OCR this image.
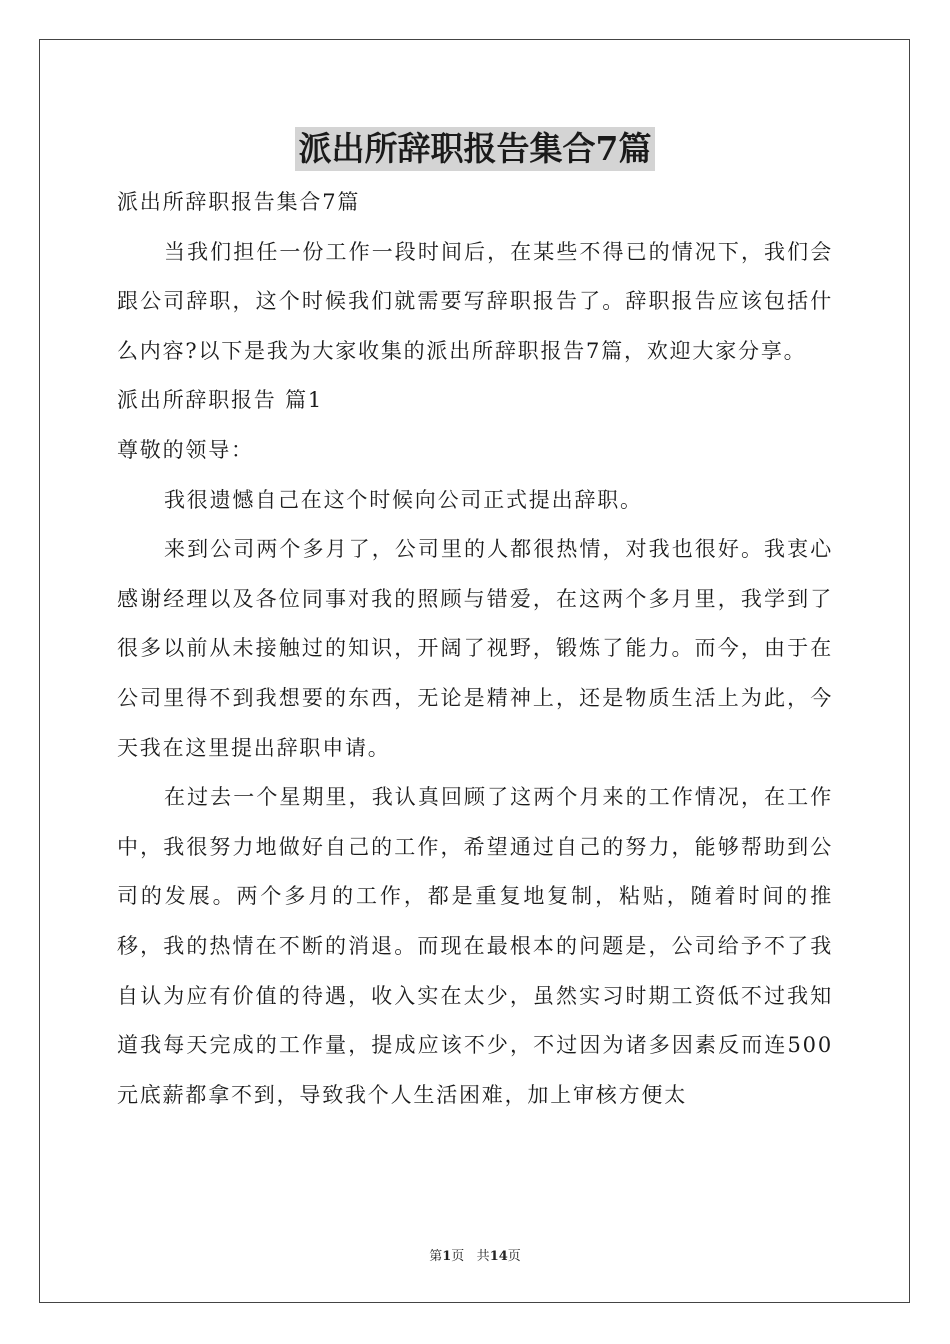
派出所辞职报告集合7篇

派出所辞职报告集合7篇

当我们担任一份工作一段时间后，在某些不得已的情况下，我们会跟公司辞职，这个时候我们就需要写辞职报告了。辞职报告应该包括什么内容?以下是我为大家收集的派出所辞职报告7篇，欢迎大家分享。

派出所辞职报告 篇1

尊敬的领导：

我很遗憾自己在这个时候向公司正式提出辞职。

来到公司两个多月了，公司里的人都很热情，对我也很好。我衷心感谢经理以及各位同事对我的照顾与错爱，在这两个多月里，我学到了很多以前从未接触过的知识，开阔了视野，锻炼了能力。而今，由于在公司里得不到我想要的东西，无论是精神上，还是物质生活上为此，今天我在这里提出辞职申请。

在过去一个星期里，我认真回顾了这两个月来的工作情况，在工作中，我很努力地做好自己的工作，希望通过自己的努力，能够帮助到公司的发展。两个多月的工作，都是重复地复制，粘贴，随着时间的推移，我的热情在不断的消退。而现在最根本的问题是，公司给予不了我自认为应有价值的待遇，收入实在太少，虽然实习时期工资低不过我知道我每天完成的工作量，提成应该不少，不过因为诸多因素反而连500元底薪都拿不到，导致我个人生活困难，加上审核方便太

第1页 共14页
